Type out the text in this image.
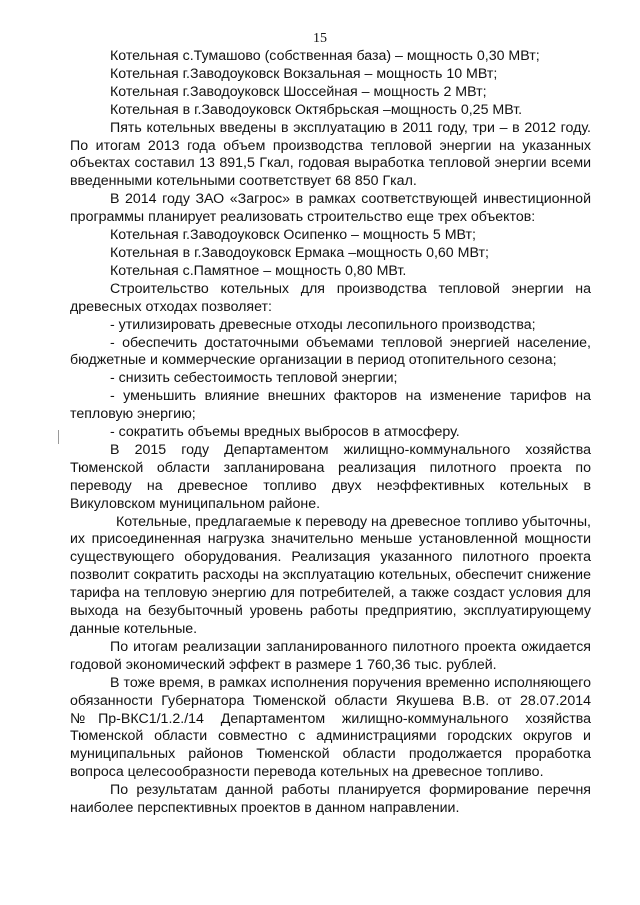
15

Котельная с.Тумашово (собственная база) – мощность 0,30 МВт;

Котельная г.Заводоуковск Вокзальная – мощность 10 МВт;

Котельная г.Заводоуковск Шоссейная – мощность 2 МВт;

Котельная в г.Заводоуковск Октябрьская –мощность 0,25 МВт.

Пять котельных введены в эксплуатацию в 2011 году, три – в 2012 году. По итогам 2013 года объем производства тепловой энергии на указанных объектах составил 13 891,5 Гкал, годовая выработка тепловой энергии всеми введенными котельными соответствует 68 850 Гкал.

В 2014 году ЗАО «Загрос» в рамках соответствующей инвестиционной программы планирует реализовать строительство еще трех объектов:

Котельная г.Заводоуковск Осипенко – мощность 5 МВт;

Котельная в г.Заводоуковск Ермака –мощность 0,60 МВт;

Котельная с.Памятное – мощность 0,80 МВт.

Строительство котельных для производства тепловой энергии на древесных отходах позволяет:

- утилизировать древесные отходы лесопильного производства;

- обеспечить достаточными объемами тепловой энергией население, бюджетные и коммерческие организации в период отопительного сезона;

- снизить себестоимость тепловой энергии;

- уменьшить влияние внешних факторов на изменение тарифов на тепловую энергию;

- сократить объемы вредных выбросов в атмосферу.

В 2015 году Департаментом жилищно-коммунального хозяйства Тюменской области запланирована реализация пилотного проекта по переводу на древесное топливо двух неэффективных котельных в Викуловском муниципальном районе.

Котельные, предлагаемые к переводу на древесное топливо убыточны, их присоединенная нагрузка значительно меньше установленной мощности существующего оборудования. Реализация указанного пилотного проекта позволит сократить расходы на эксплуатацию котельных, обеспечит снижение тарифа на тепловую энергию для потребителей, а также создаст условия для выхода на безубыточный уровень работы предприятию, эксплуатирующему данные котельные.

По итогам реализации запланированного пилотного проекта ожидается годовой экономический эффект в размере 1 760,36 тыс. рублей.

В тоже время, в рамках исполнения поручения временно исполняющего обязанности Губернатора Тюменской области Якушева В.В. от 28.07.2014 №Пр-ВКС1/1.2./14 Департаментом жилищно-коммунального хозяйства Тюменской области совместно с администрациями городских округов и муниципальных районов Тюменской области продолжается проработка вопроса целесообразности перевода котельных на древесное топливо.

По результатам данной работы планируется формирование перечня наиболее перспективных проектов в данном направлении.
